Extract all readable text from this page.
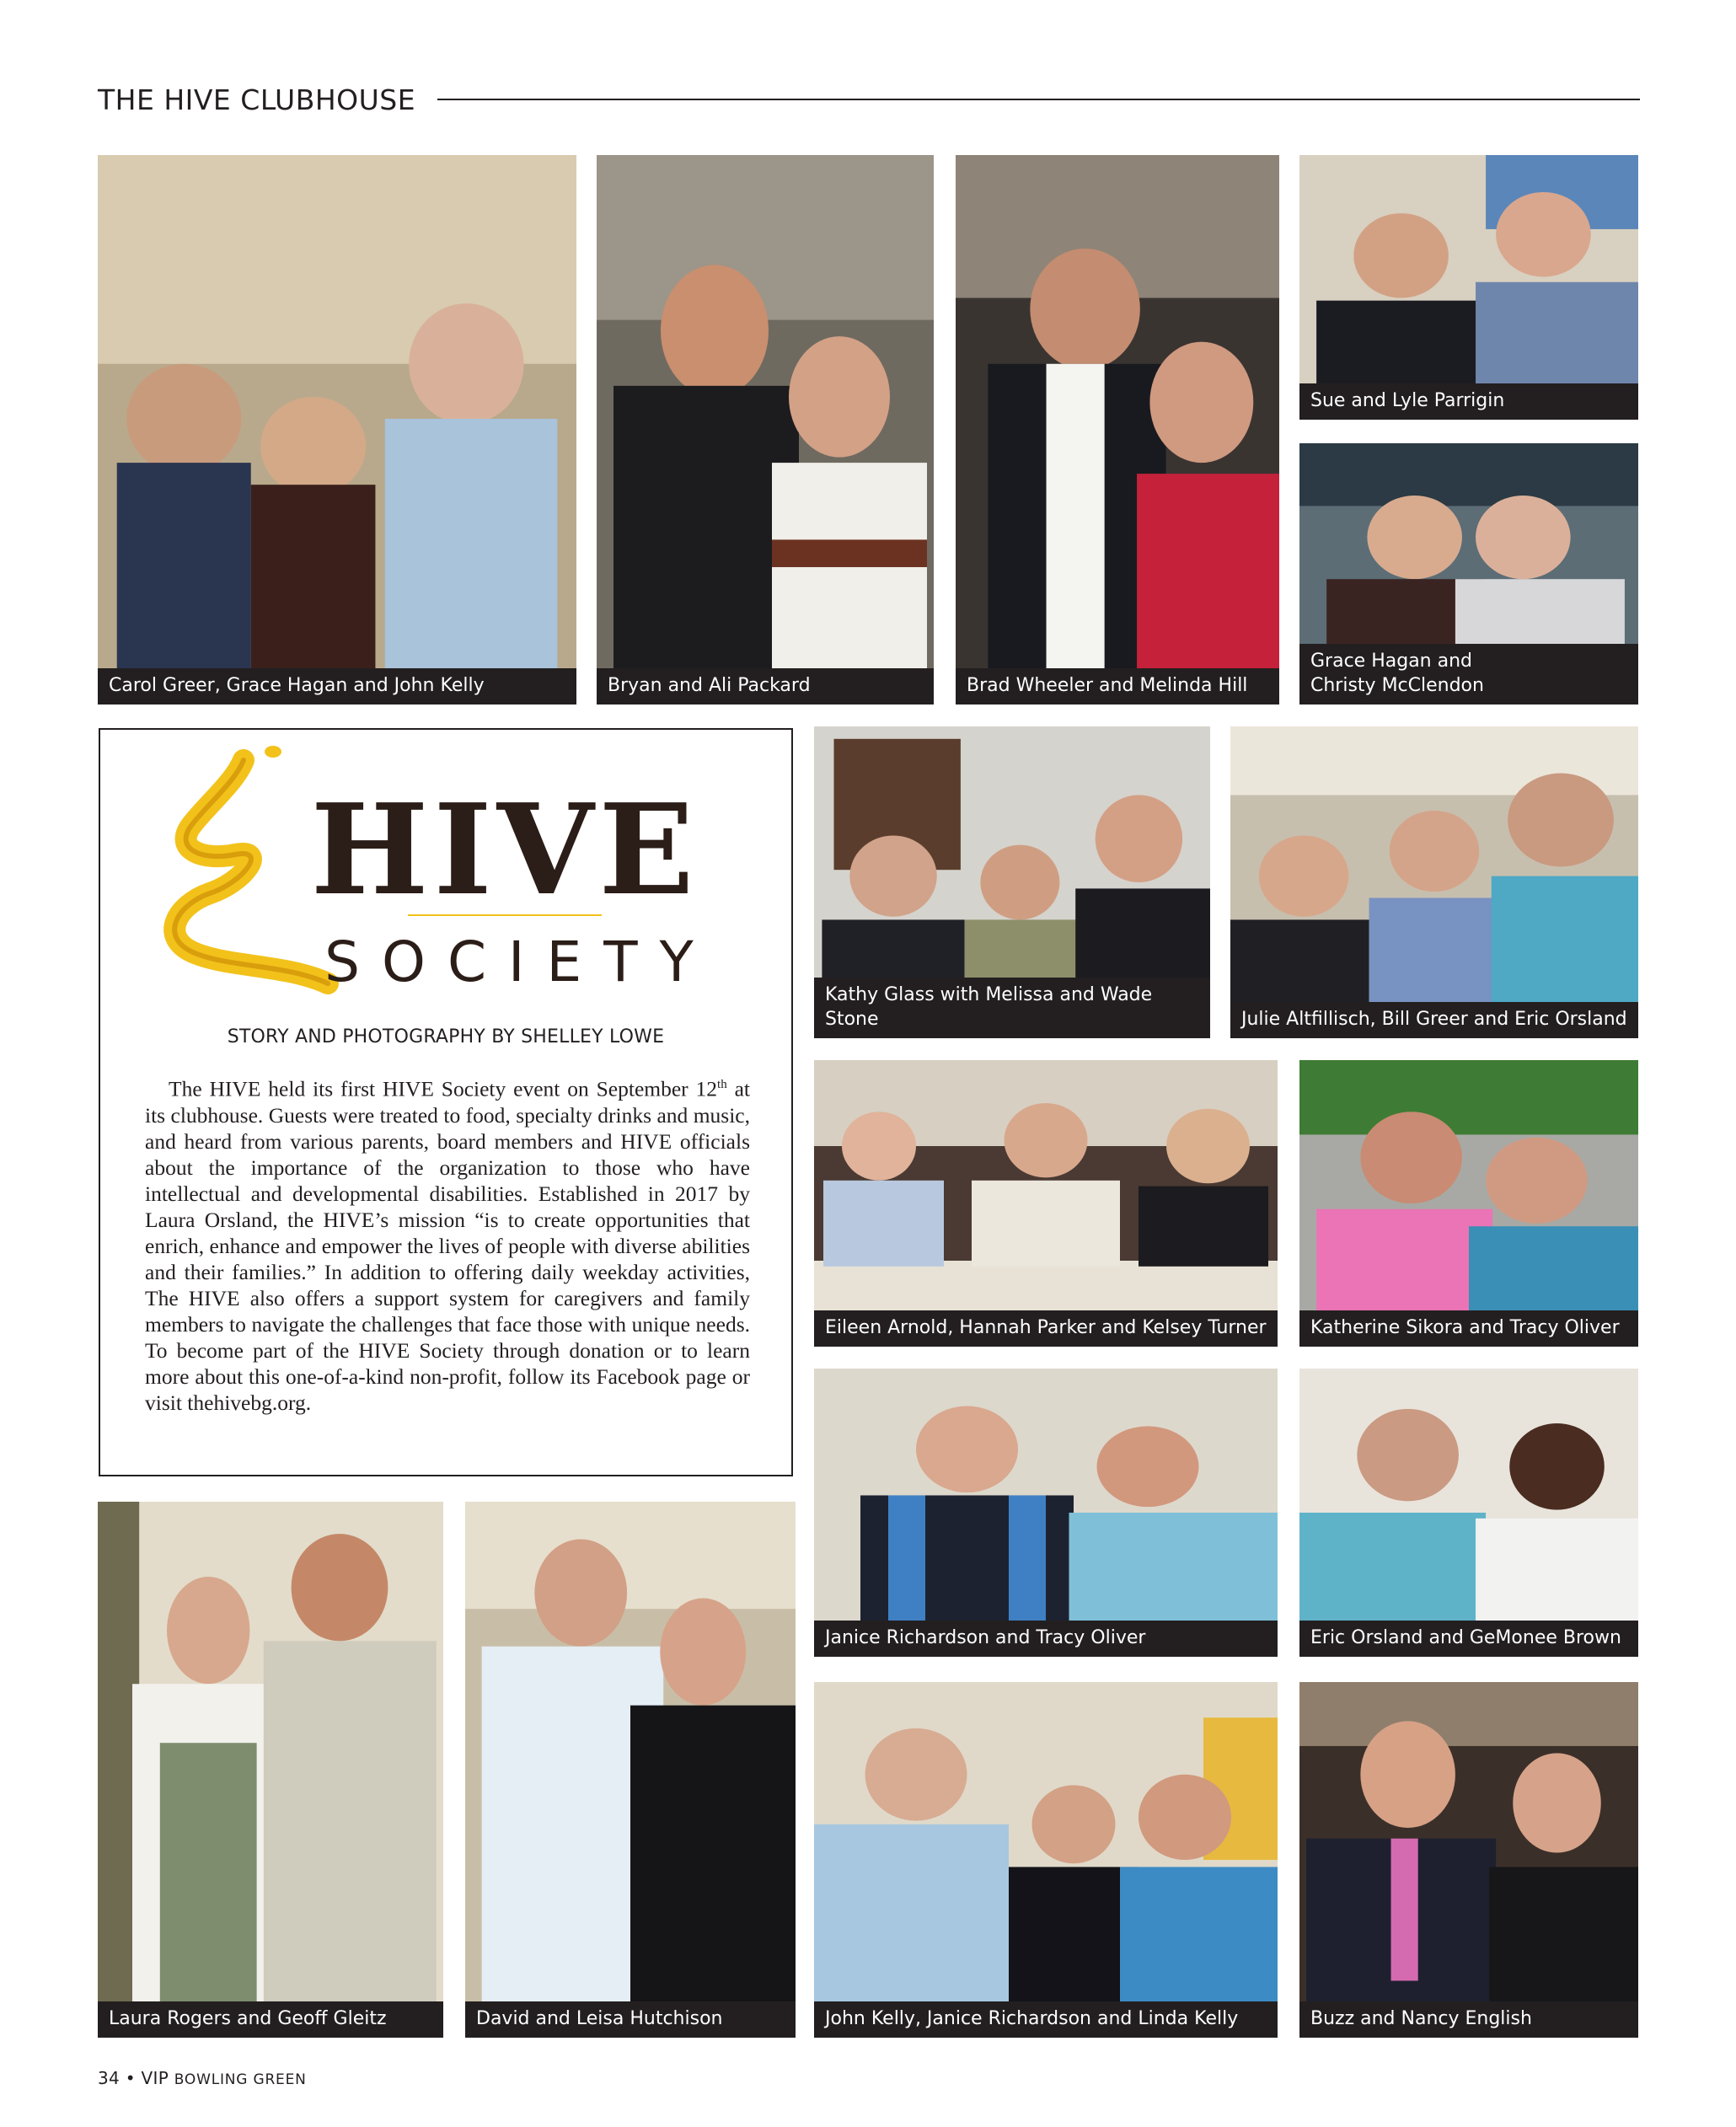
THE HIVE CLUBHOUSE
Carol Greer, Grace Hagan and John Kelly	Bryan and Ali Packard	Brad Wheeler and Melinda Hill
Sue and Lyle Parrigin
Grace Hagan and
Christy McClendon
HIVE
SOCIETY
STORY AND PHOTOGRAPHY BY SHELLEY LOWE

The HIVE held its first HIVE Society event on September 12th at its clubhouse. Guests were treated to food, specialty drinks and music, and heard from various parents, board members and HIVE officials about the importance of the organization to those who have intellectual and developmental disabilities. Established in 2017 by Laura Orsland, the HIVE’s mission “is to create opportunities that enrich, enhance and empower the lives of people with diverse abilities and their families.” In addition to offering daily weekday activities, The HIVE also offers a support system for caregivers and family members to navigate the challenges that face those with unique needs. To become part of the HIVE Society through donation or to learn more about this one-of-a-kind non-profit, follow its Facebook page or visit thehivebg.org.

Kathy Glass with Melissa and Wade Stone	Julie Altfillisch, Bill Greer and Eric Orsland
Eileen Arnold, Hannah Parker and Kelsey Turner	Katherine Sikora and Tracy Oliver
Janice Richardson and Tracy Oliver	Eric Orsland and GeMonee Brown
Laura Rogers and Geoff Gleitz	David and Leisa Hutchison	John Kelly, Janice Richardson and Linda Kelly	Buzz and Nancy English
34 • VIP BOWLING GREEN
